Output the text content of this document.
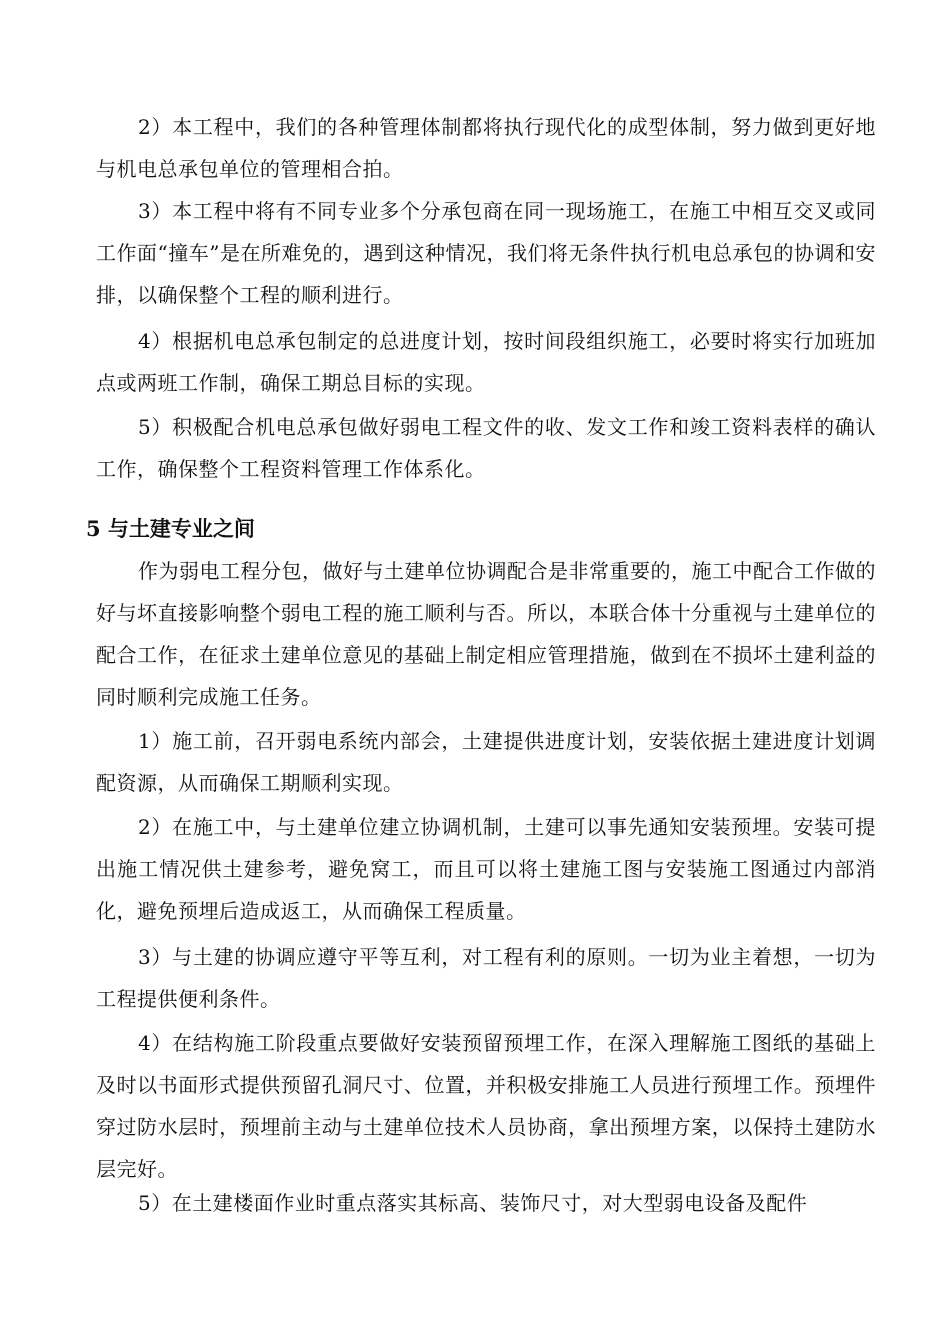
2）本工程中，我们的各种管理体制都将执行现代化的成型体制，努力做到更好地与机电总承包单位的管理相合拍。

3）本工程中将有不同专业多个分承包商在同一现场施工，在施工中相互交叉或同工作面“撞车”是在所难免的，遇到这种情况，我们将无条件执行机电总承包的协调和安排，以确保整个工程的顺利进行。

4）根据机电总承包制定的总进度计划，按时间段组织施工，必要时将实行加班加点或两班工作制，确保工期总目标的实现。

5）积极配合机电总承包做好弱电工程文件的收、发文工作和竣工资料表样的确认工作，确保整个工程资料管理工作体系化。

5 与土建专业之间

作为弱电工程分包，做好与土建单位协调配合是非常重要的，施工中配合工作做的好与坏直接影响整个弱电工程的施工顺利与否。所以，本联合体十分重视与土建单位的配合工作，在征求土建单位意见的基础上制定相应管理措施，做到在不损坏土建利益的同时顺利完成施工任务。

1）施工前，召开弱电系统内部会，土建提供进度计划，安装依据土建进度计划调配资源，从而确保工期顺利实现。

2）在施工中，与土建单位建立协调机制，土建可以事先通知安装预埋。安装可提出施工情况供土建参考，避免窝工，而且可以将土建施工图与安装施工图通过内部消化，避免预埋后造成返工，从而确保工程质量。

3）与土建的协调应遵守平等互利，对工程有利的原则。一切为业主着想，一切为工程提供便利条件。

4）在结构施工阶段重点要做好安装预留预埋工作，在深入理解施工图纸的基础上及时以书面形式提供预留孔洞尺寸、位置，并积极安排施工人员进行预埋工作。预埋件穿过防水层时，预埋前主动与土建单位技术人员协商，拿出预埋方案，以保持土建防水层完好。

5）在土建楼面作业时重点落实其标高、装饰尺寸，对大型弱电设备及配件
